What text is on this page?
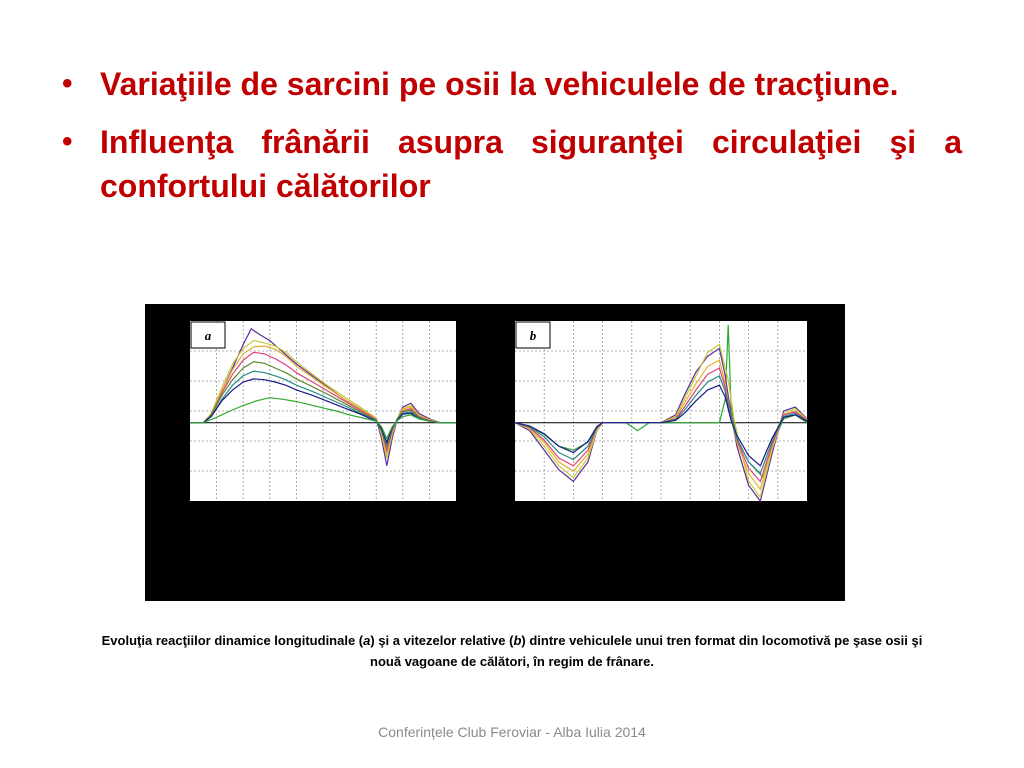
• Variaţiile de sarcini pe osii la vehiculele de tracţiune.
• Influenţa frânării asupra siguranţei circulaţiei şi a confortului călătorilor
a	b
Evoluţia reacţiilor dinamice longitudinale (a) şi a vitezelor relative (b) dintre vehiculele unui tren format din locomotivă pe şase osii şi nouă vagoane de călători, în regim de frânare.
Conferințele Club Feroviar - Alba Iulia 2014
